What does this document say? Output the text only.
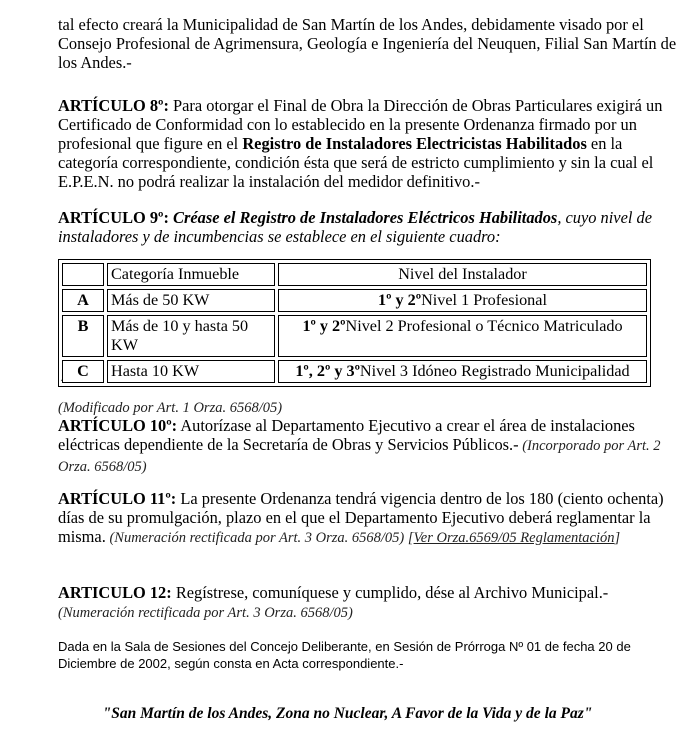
tal efecto creará la Municipalidad de San Martín de los Andes, debidamente visado por el
Consejo Profesional de Agrimensura, Geología e Ingeniería del Neuquen, Filial San Martín de los Andes.-

ARTÍCULO 8º: Para otorgar el Final de Obra la Dirección de Obras Particulares exigirá un Certificado de Conformidad con lo establecido en la presente Ordenanza firmado por un profesional que figure en el Registro de Instaladores Electricistas Habilitados en la categoría correspondiente, condición ésta que será de estricto cumplimiento y sin la cual el E.P.E.N. no podrá realizar la instalación del medidor definitivo.-

ARTÍCULO 9º: Créase el Registro de Instaladores Eléctricos Habilitados, cuyo nivel de instaladores y de incumbencias se establece en el siguiente cuadro:

	Categoría Inmueble	Nivel del Instalador
A	Más de 50 KW	1º y 2ºNivel 1 Profesional
B	Más de 10 y hasta 50 KW	1º y 2ºNivel 2 Profesional o Técnico Matriculado
C	Hasta 10 KW	1º, 2º y 3ºNivel 3 Idóneo Registrado Municipalidad
´

(Modificado por Art. 1 Orza. 6568/05)

ARTÍCULO 10º: Autorízase al Departamento Ejecutivo a crear el área de instalaciones eléctricas dependiente de la Secretaría de Obras y Servicios Públicos.- (Incorporado por Art. 2 Orza. 6568/05)

ARTÍCULO 11º: La presente Ordenanza tendrá vigencia dentro de los 180 (ciento ochenta) días de su promulgación, plazo en el que el Departamento Ejecutivo deberá reglamentar la misma. (Numeración rectificada por Art. 3 Orza. 6568/05) [Ver Orza.6569/05 Reglamentación]

ARTICULO 12: Regístrese, comuníquese y cumplido, dése al Archivo Municipal.-
(Numeración rectificada por Art. 3 Orza. 6568/05)

Dada en la Sala de Sesiones del Concejo Deliberante, en Sesión de Prórroga Nº 01 de fecha 20 de Diciembre de 2002, según consta en Acta correspondiente.-

"San Martín de los Andes, Zona no Nuclear, A Favor de la Vida y de la Paz"
